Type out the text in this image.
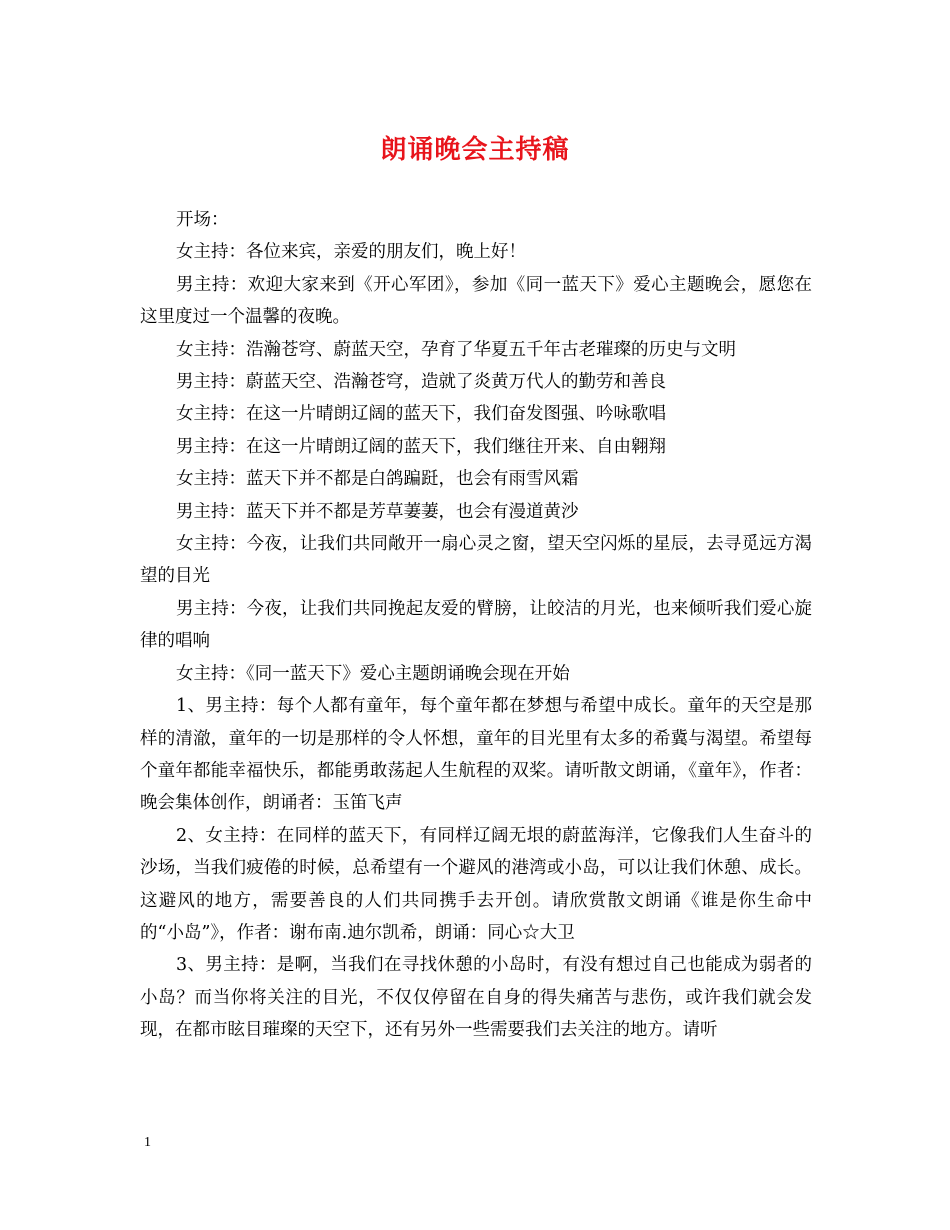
朗诵晚会主持稿

开场：

女主持：各位来宾，亲爱的朋友们，晚上好！

男主持：欢迎大家来到《开心军团》，参加《同一蓝天下》爱心主题晚会，愿您在这里度过一个温馨的夜晚。

女主持：浩瀚苍穹、蔚蓝天空，孕育了华夏五千年古老璀璨的历史与文明

男主持：蔚蓝天空、浩瀚苍穹，造就了炎黄万代人的勤劳和善良

女主持：在这一片晴朗辽阔的蓝天下，我们奋发图强、吟咏歌唱

男主持：在这一片晴朗辽阔的蓝天下，我们继往开来、自由翱翔

女主持：蓝天下并不都是白鸽蹁跹，也会有雨雪风霜

男主持：蓝天下并不都是芳草萋萋，也会有漫道黄沙

女主持：今夜，让我们共同敞开一扇心灵之窗，望天空闪烁的星辰，去寻觅远方渴望的目光

男主持：今夜，让我们共同挽起友爱的臂膀，让皎洁的月光，也来倾听我们爱心旋律的唱响

女主持：《同一蓝天下》爱心主题朗诵晚会现在开始

1、男主持：每个人都有童年，每个童年都在梦想与希望中成长。童年的天空是那样的清澈，童年的一切是那样的令人怀想，童年的目光里有太多的希冀与渴望。希望每个童年都能幸福快乐，都能勇敢荡起人生航程的双桨。请听散文朗诵，《童年》，作者：晚会集体创作，朗诵者：玉笛飞声

2、女主持：在同样的蓝天下，有同样辽阔无垠的蔚蓝海洋，它像我们人生奋斗的沙场，当我们疲倦的时候，总希望有一个避风的港湾或小岛，可以让我们休憩、成长。这避风的地方，需要善良的人们共同携手去开创。请欣赏散文朗诵《谁是你生命中的“小岛”》，作者：谢布南.迪尔凯希，朗诵：同心☆大卫

3、男主持：是啊，当我们在寻找休憩的小岛时，有没有想过自己也能成为弱者的小岛？而当你将关注的目光，不仅仅停留在自身的得失痛苦与悲伤，或许我们就会发现，在都市眩目璀璨的天空下，还有另外一些需要我们去关注的地方。请听

1
